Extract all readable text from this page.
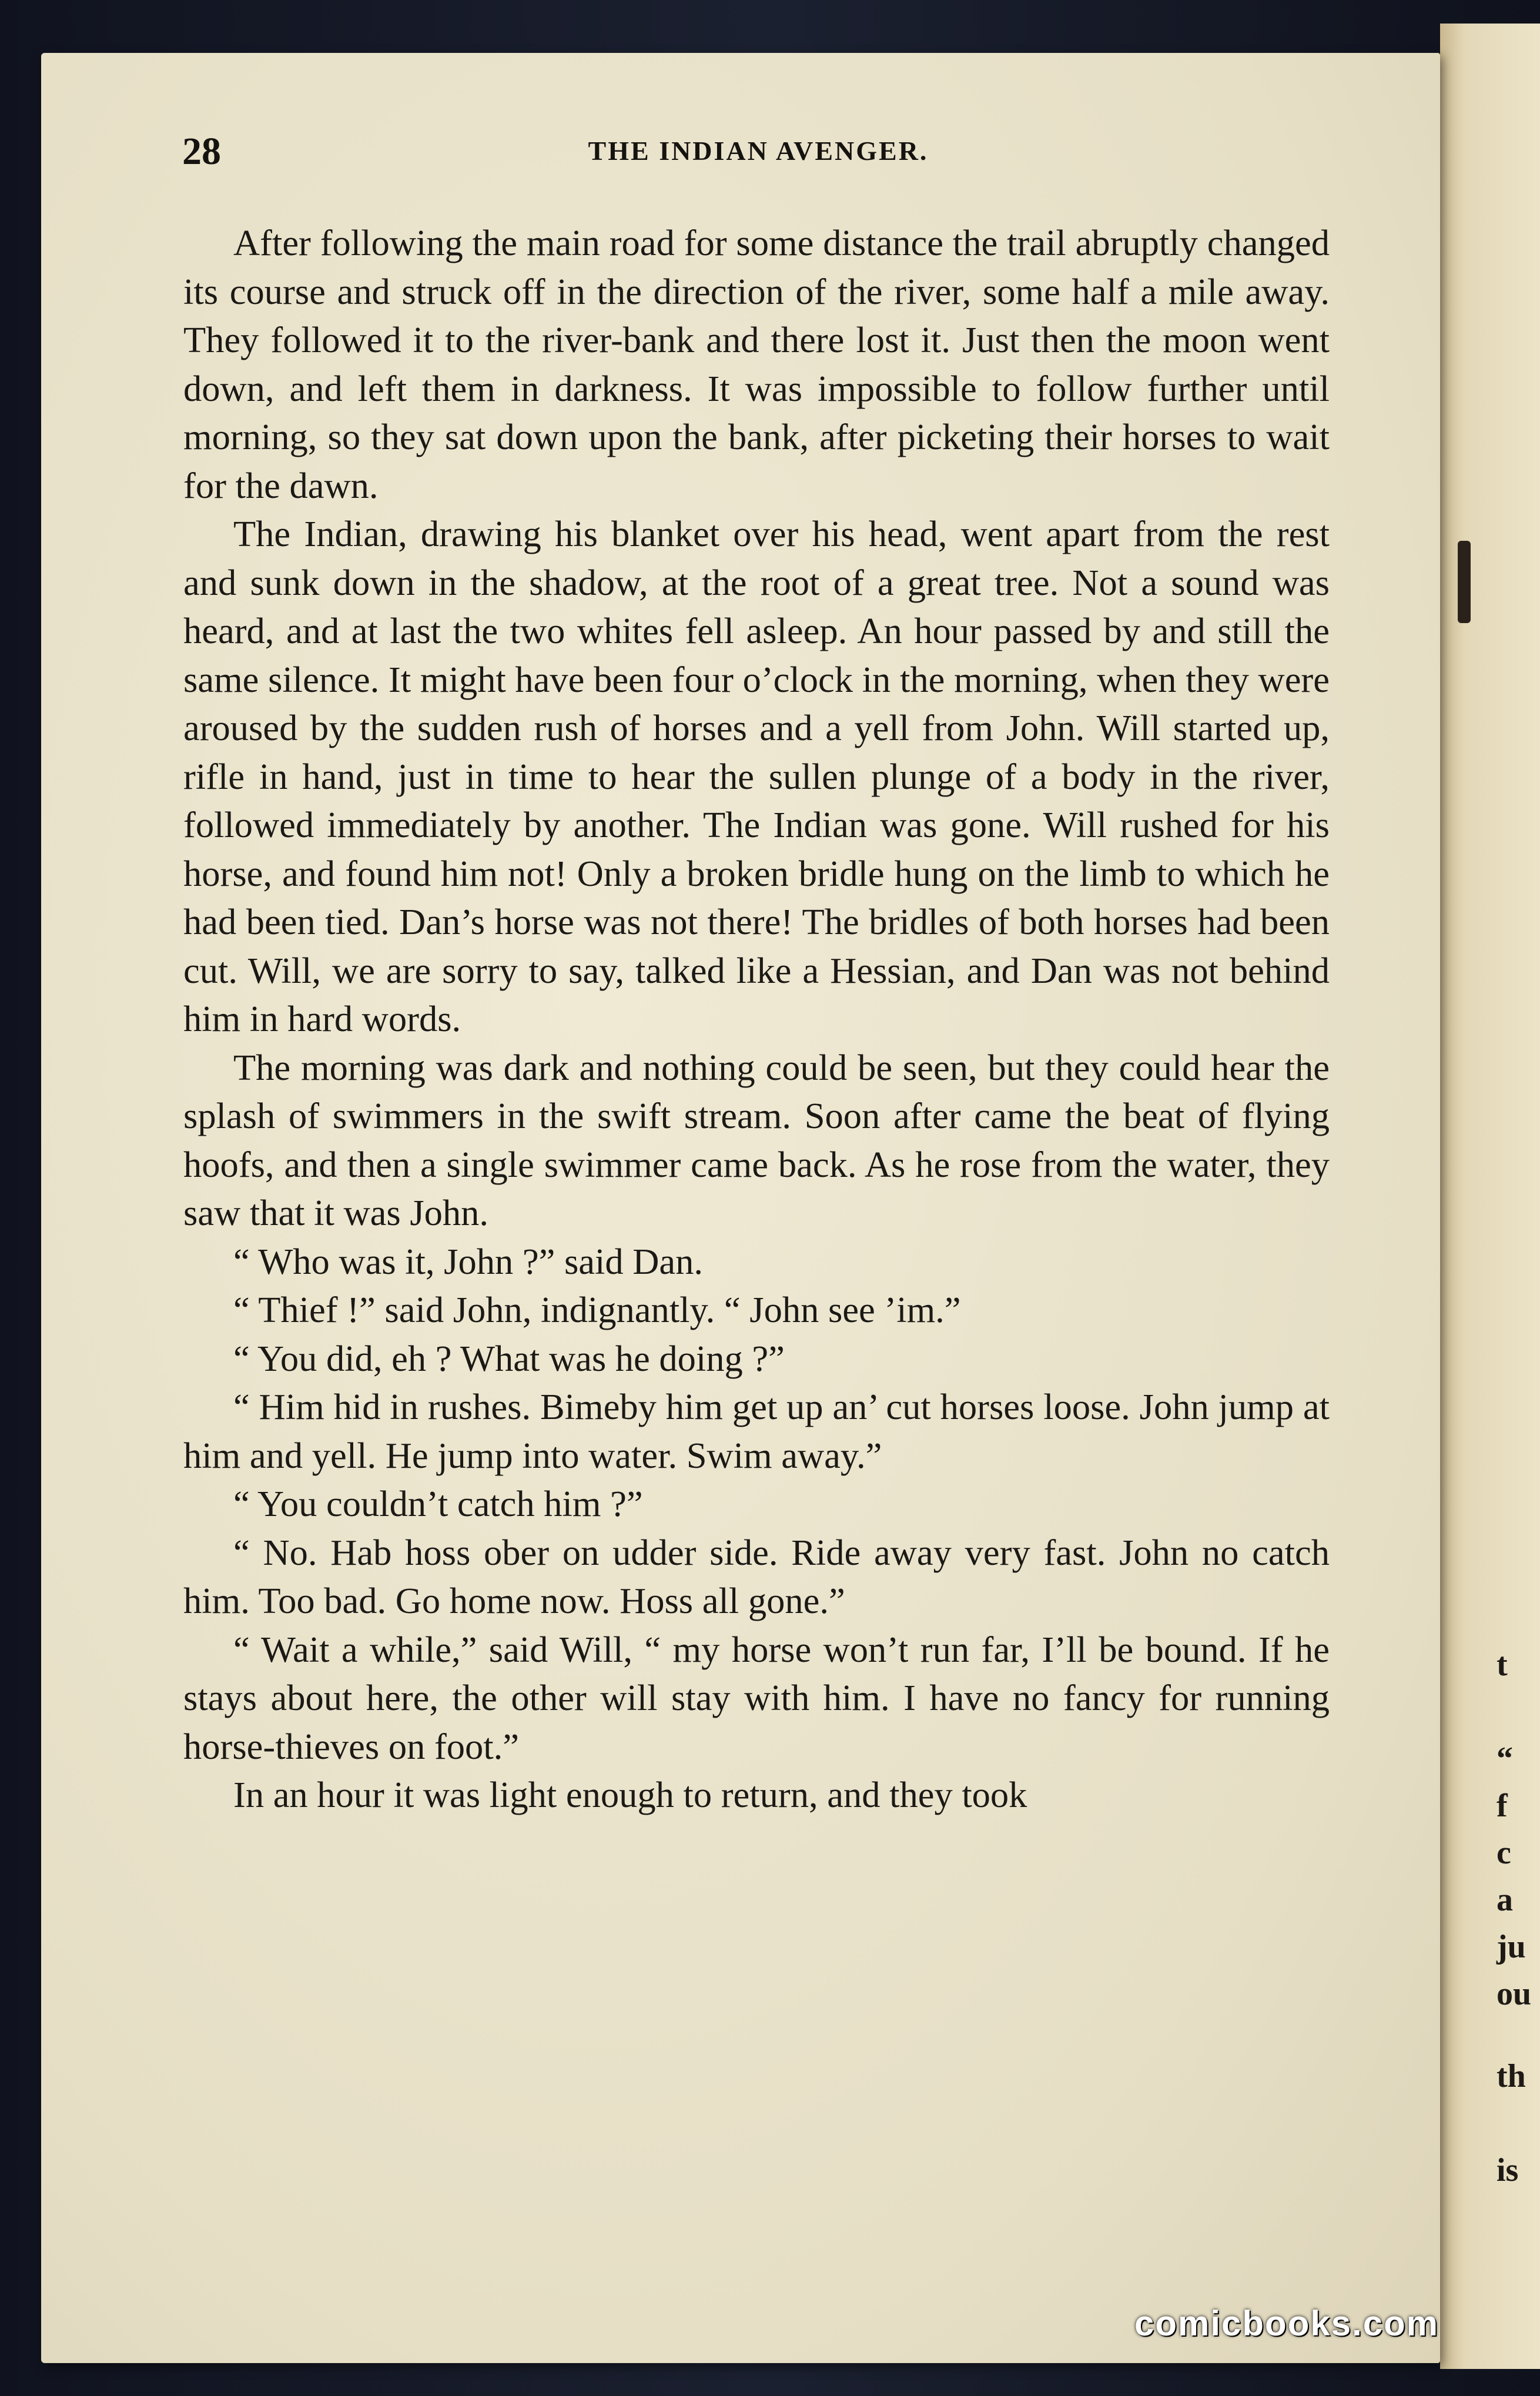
t
“
f
c
a
ju
ou
th
is
28	THE INDIAN AVENGER.

After following the main road for some distance the trail abruptly changed its course and struck off in the direction of the river, some half a mile away. They followed it to the river-bank and there lost it. Just then the moon went down, and left them in darkness. It was impossible to follow further until morning, so they sat down upon the bank, after picketing their horses to wait for the dawn.

The Indian, drawing his blanket over his head, went apart from the rest and sunk down in the shadow, at the root of a great tree. Not a sound was heard, and at last the two whites fell asleep. An hour passed by and still the same silence. It might have been four o’clock in the morning, when they were aroused by the sudden rush of horses and a yell from John. Will started up, rifle in hand, just in time to hear the sullen plunge of a body in the river, followed immediately by another. The Indian was gone. Will rushed for his horse, and found him not! Only a broken bridle hung on the limb to which he had been tied. Dan’s horse was not there! The bridles of both horses had been cut. Will, we are sorry to say, talked like a Hessian, and Dan was not behind him in hard words.

The morning was dark and nothing could be seen, but they could hear the splash of swimmers in the swift stream. Soon after came the beat of flying hoofs, and then a single swimmer came back. As he rose from the water, they saw that it was John.

“ Who was it, John ?” said Dan.

“ Thief !” said John, indignantly. “ John see ’im.”

“ You did, eh ? What was he doing ?”

“ Him hid in rushes. Bimeby him get up an’ cut horses loose. John jump at him and yell. He jump into water. Swim away.”

“ You couldn’t catch him ?”

“ No. Hab hoss ober on udder side. Ride away very fast. John no catch him. Too bad. Go home now. Hoss all gone.”

“ Wait a while,” said Will, “ my horse won’t run far, I’ll be bound. If he stays about here, the other will stay with him. I have no fancy for running horse-thieves on foot.”

In an hour it was light enough to return, and they took

comicbooks.com
